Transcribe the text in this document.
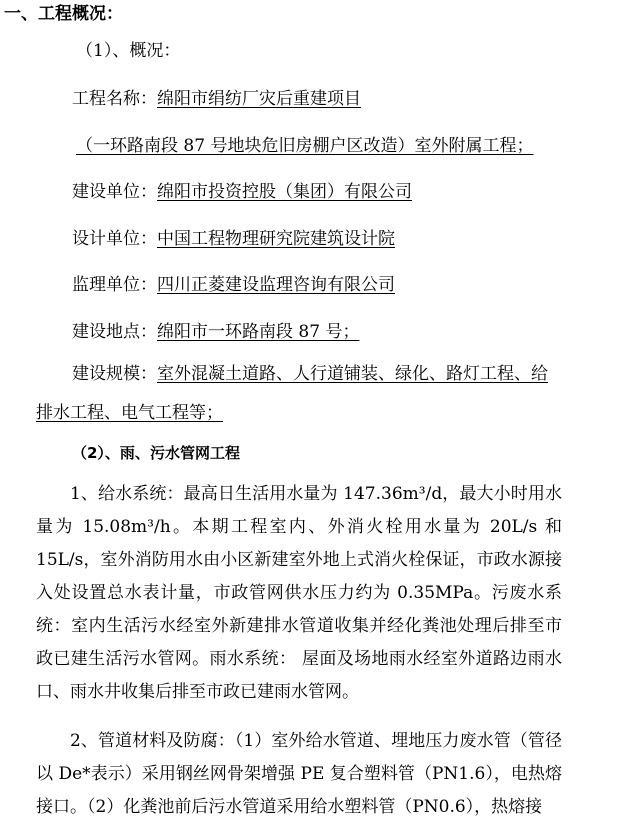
一、工程概况：
（1）、概况：
工程名称：绵阳市绢纺厂灾后重建项目
（一环路南段 87 号地块危旧房棚户区改造）室外附属工程；
建设单位：绵阳市投资控股（集团）有限公司
设计单位：中国工程物理研究院建筑设计院
监理单位：四川正菱建设监理咨询有限公司
建设地点：绵阳市一环路南段 87 号；
建设规模：室外混凝土道路、人行道铺装、绿化、路灯工程、给
排水工程、电气工程等；
（2）、雨、污水管网工程
1、给水系统：最高日生活用水量为 147.36m³/d，最大小时用水量为 15.08m³/h。本期工程室内、外消火栓用水量为 20L/s 和 15L/s，室外消防用水由小区新建室外地上式消火栓保证，市政水源接入处设置总水表计量，市政管网供水压力约为 0.35MPa。污废水系统：室内生活污水经室外新建排水管道收集并经化粪池处理后排至市政已建生活污水管网。雨水系统： 屋面及场地雨水经室外道路边雨水口、雨水井收集后排至市政已建雨水管网。
2、管道材料及防腐：（1）室外给水管道、埋地压力废水管（管径以 De*表示）采用钢丝网骨架增强 PE 复合塑料管（PN1.6），电热熔接口。（2）化粪池前后污水管道采用给水塑料管（PN0.6），热熔接
